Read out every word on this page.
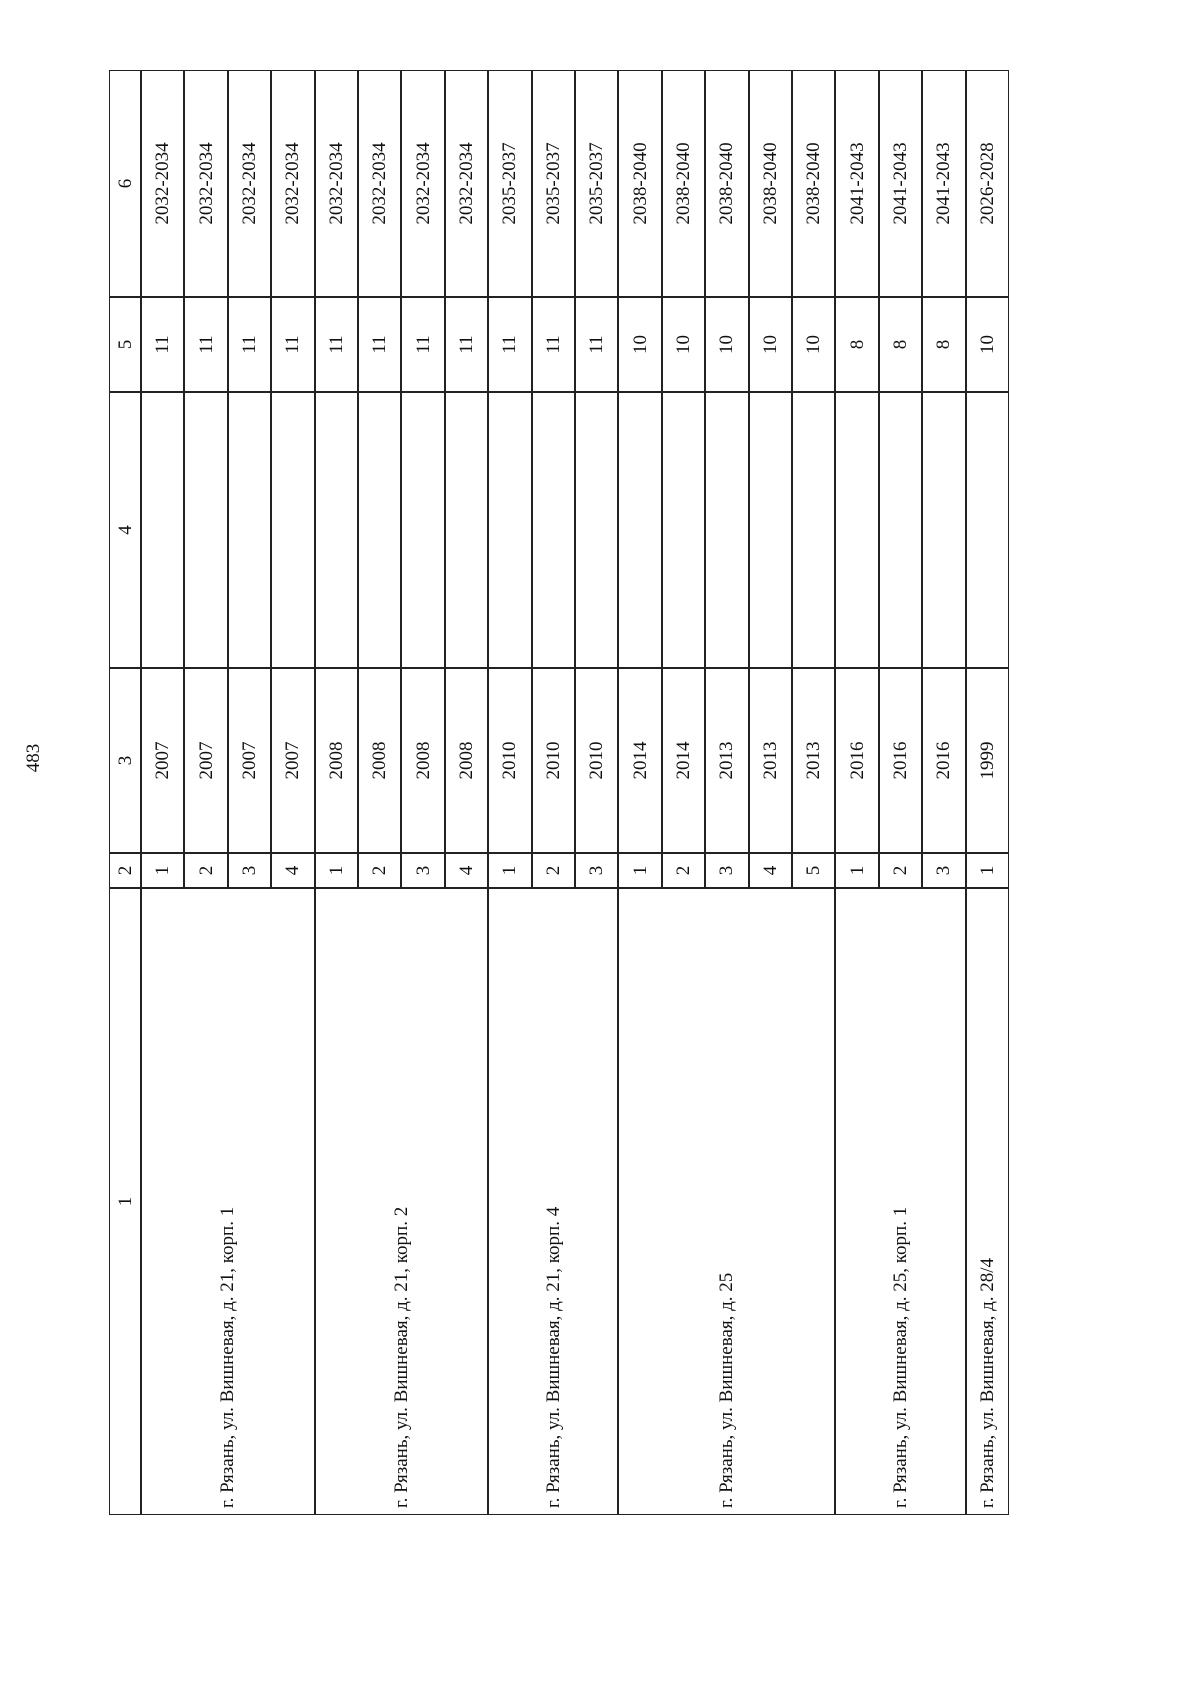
483
1
2
3
4
5
6
г. Рязань, ул. Вишневая, д. 21, корп. 1
1
2007
11
2032-2034
2
2007
11
2032-2034
3
2007
11
2032-2034
4
2007
11
2032-2034
г. Рязань, ул. Вишневая, д. 21, корп. 2
1
2008
11
2032-2034
2
2008
11
2032-2034
3
2008
11
2032-2034
4
2008
11
2032-2034
г. Рязань, ул. Вишневая, д. 21, корп. 4
1
2010
11
2035-2037
2
2010
11
2035-2037
3
2010
11
2035-2037
г. Рязань, ул. Вишневая, д. 25
1
2014
10
2038-2040
2
2014
10
2038-2040
3
2013
10
2038-2040
4
2013
10
2038-2040
5
2013
10
2038-2040
г. Рязань, ул. Вишневая, д. 25, корп. 1
1
2016
8
2041-2043
2
2016
8
2041-2043
3
2016
8
2041-2043
г. Рязань, ул. Вишневая, д. 28/4
1
1999
10
2026-2028
